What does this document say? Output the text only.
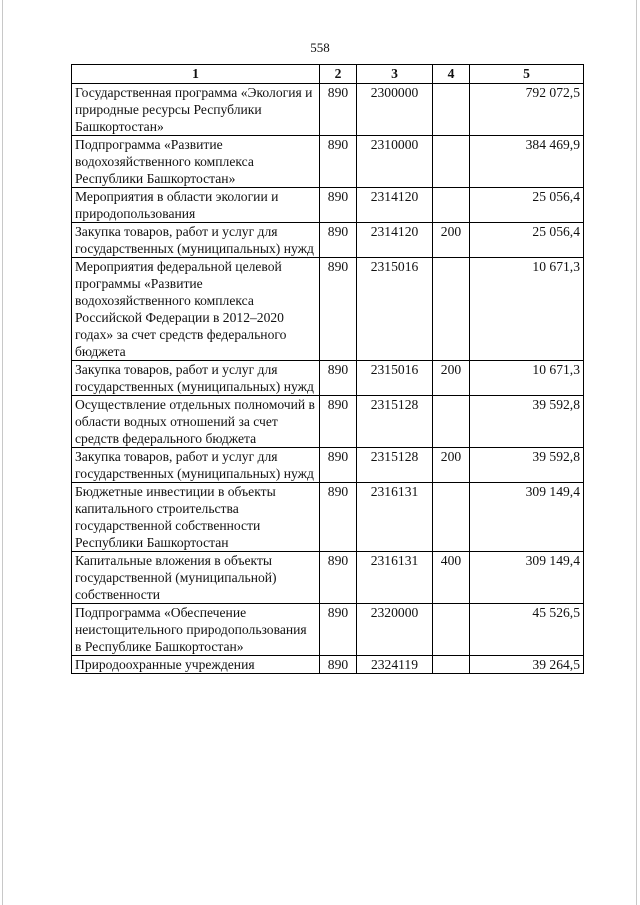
558
1	2	3	4	5
Государственная программа «Экология и природные ресурсы Республики Башкортостан»	890	2300000		792 072,5
Подпрограмма «Развитие водохозяйственного комплекса Республики Башкортостан»	890	2310000		384 469,9
Мероприятия в области экологии и природопользования	890	2314120		25 056,4
Закупка товаров, работ и услуг для государственных (муниципальных) нужд	890	2314120	200	25 056,4
Мероприятия федеральной целевой программы «Развитие водохозяйственного комплекса Российской Федерации в 2012–2020 годах» за счет средств федерального бюджета	890	2315016		10 671,3
Закупка товаров, работ и услуг для государственных (муниципальных) нужд	890	2315016	200	10 671,3
Осуществление отдельных полномочий в области водных отношений за счет средств федерального бюджета	890	2315128		39 592,8
Закупка товаров, работ и услуг для государственных (муниципальных) нужд	890	2315128	200	39 592,8
Бюджетные инвестиции в объекты капитального строительства государственной собственности Республики Башкортостан	890	2316131		309 149,4
Капитальные вложения в объекты государственной (муниципальной) собственности	890	2316131	400	309 149,4
Подпрограмма «Обеспечение неистощительного природопользования в Республике Башкортостан»	890	2320000		45 526,5
Природоохранные учреждения	890	2324119		39 264,5
